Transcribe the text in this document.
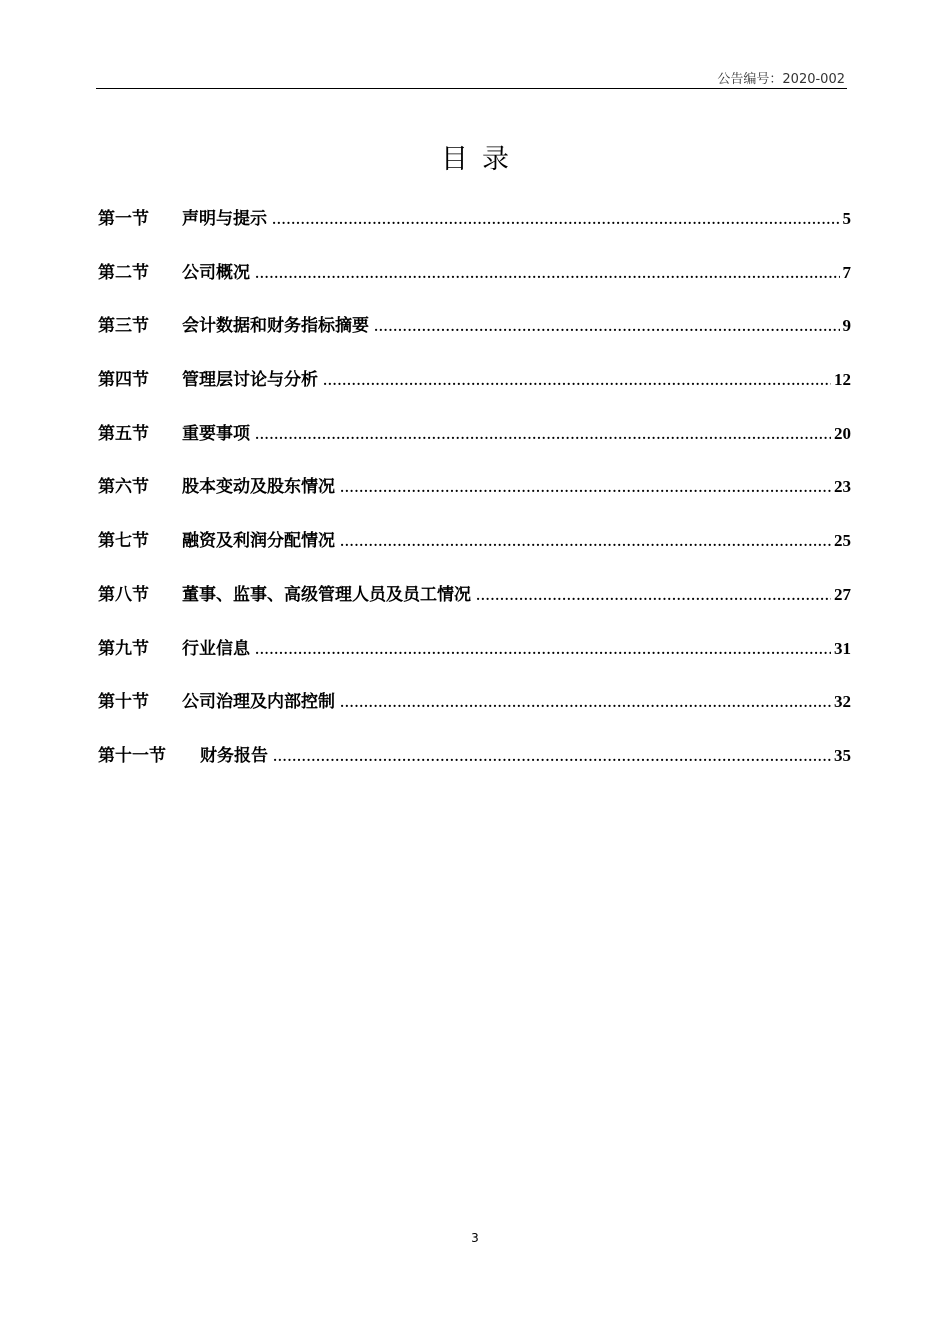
公告编号：2020-002
目录
第一节	声明与提示 .....	5
第二节	公司概况 .....	7
第三节	会计数据和财务指标摘要 .....	9
第四节	管理层讨论与分析 .....	12
第五节	重要事项 .....	20
第六节	股本变动及股东情况 .....	23
第七节	融资及利润分配情况 .....	25
第八节	董事、监事、高级管理人员及员工情况 .....	27
第九节	行业信息 .....	31
第十节	公司治理及内部控制 .....	32
第十一节	财务报告 .....	35
3
